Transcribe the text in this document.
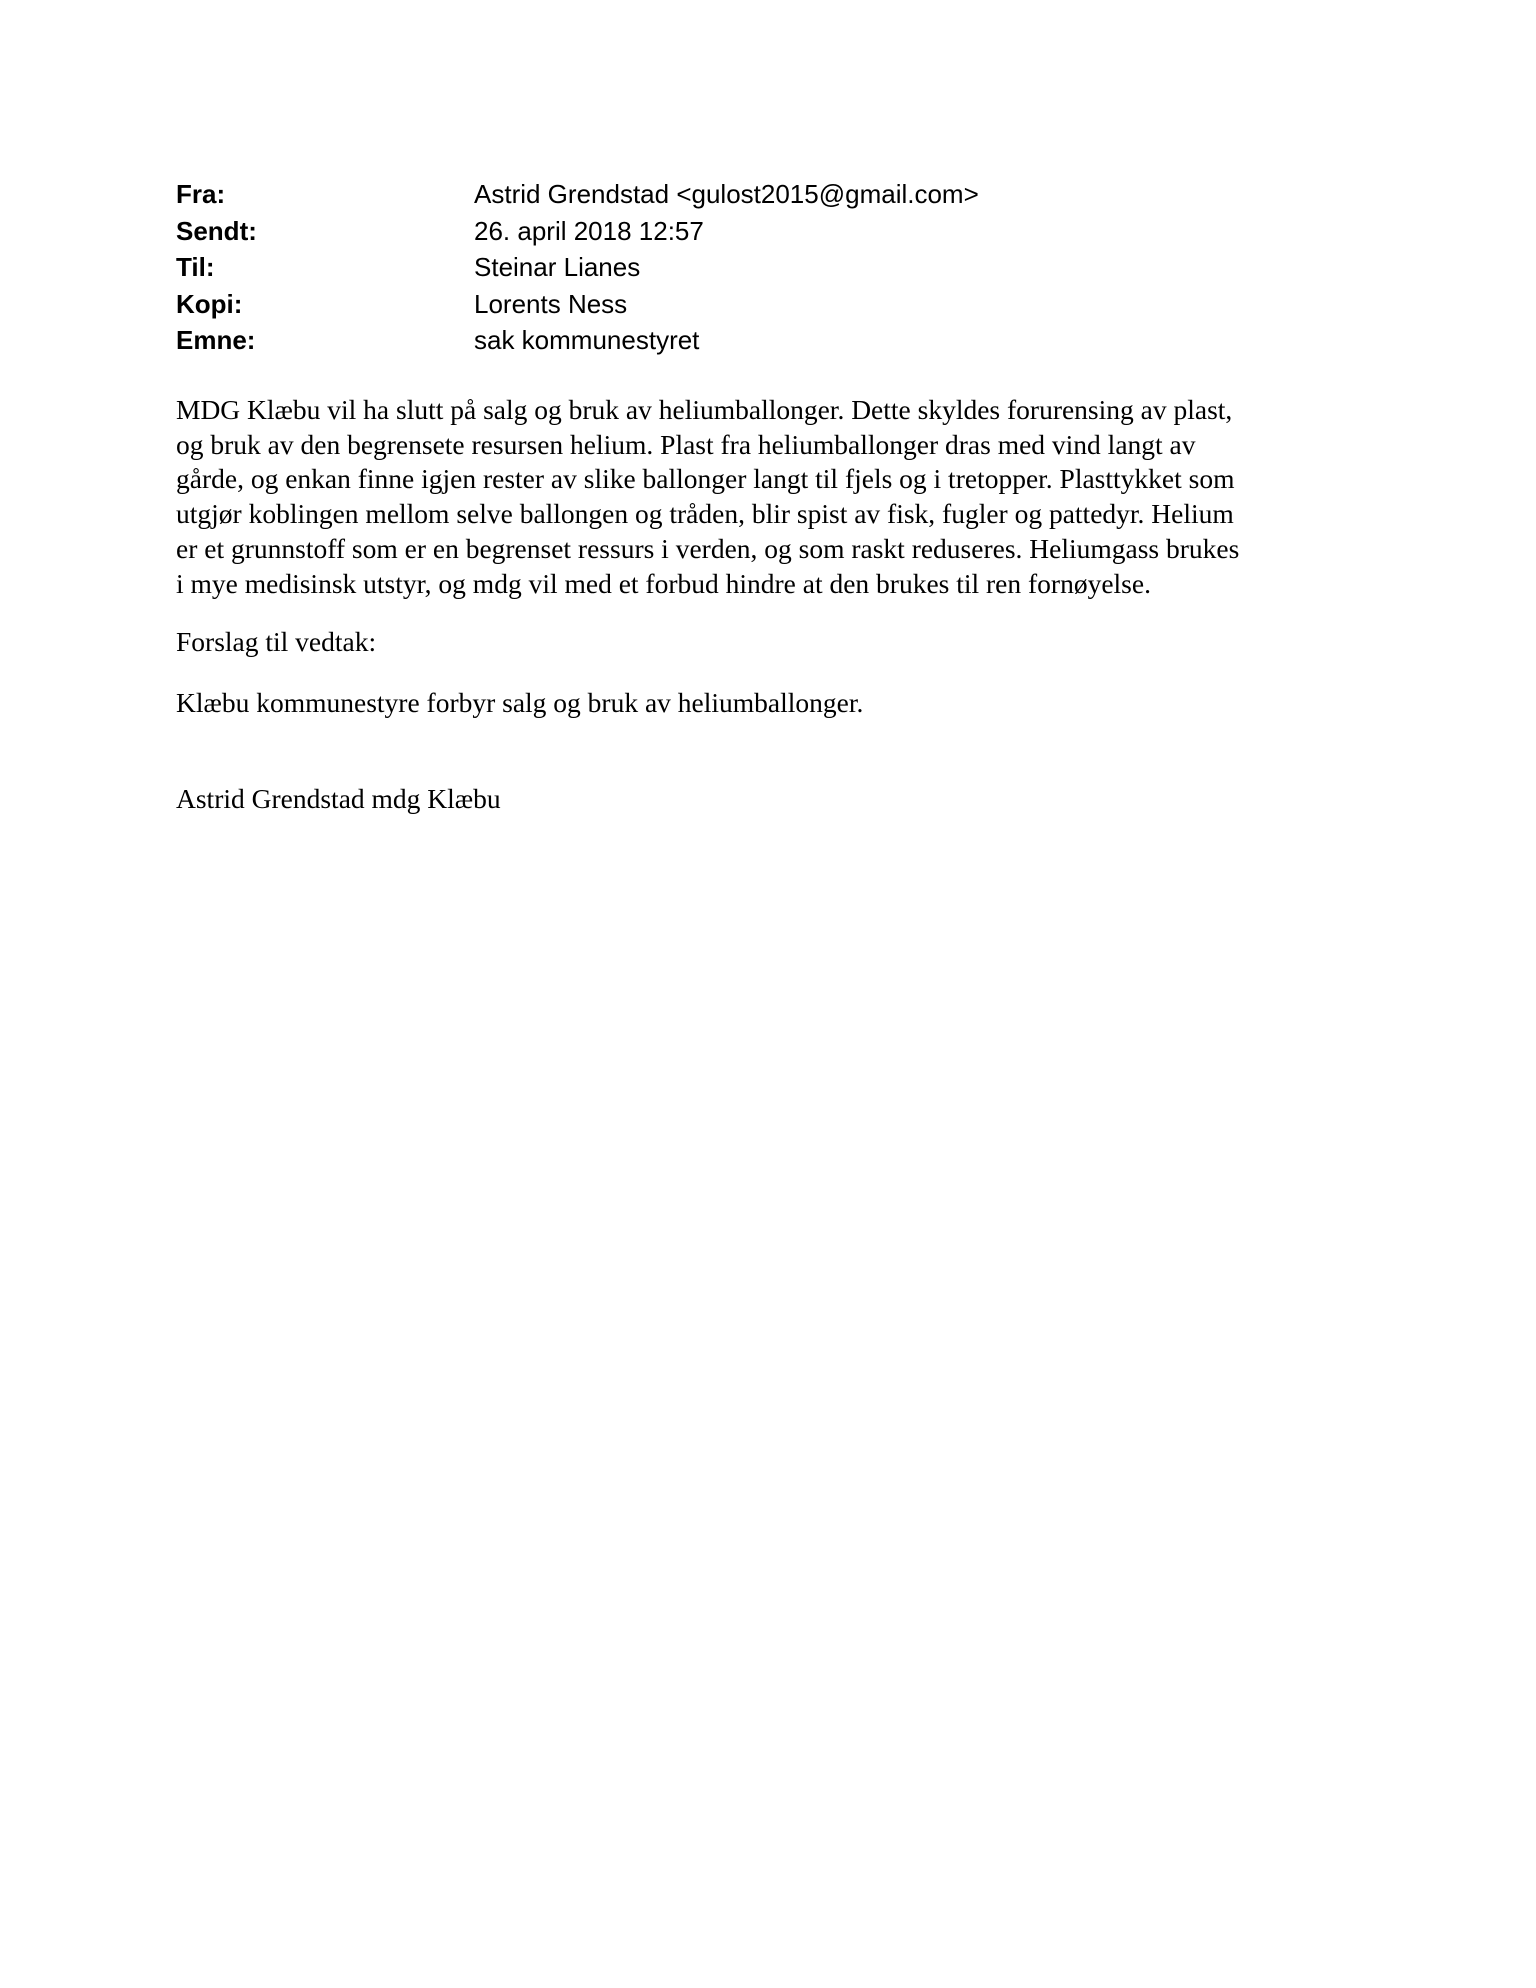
Fra:	Astrid Grendstad <gulost2015@gmail.com>
Sendt:	26. april 2018 12:57
Til:	Steinar Lianes
Kopi:	Lorents Ness
Emne:	sak kommunestyret

MDG Klæbu vil ha slutt på salg og bruk av heliumballonger. Dette skyldes forurensing av plast,
og bruk av den begrensete resursen helium. Plast fra heliumballonger dras med vind langt av
gårde, og enkan finne igjen rester av slike ballonger langt til fjels og i tretopper. Plasttykket som
utgjør koblingen mellom selve ballongen og tråden, blir spist av fisk, fugler og pattedyr. Helium
er et grunnstoff som er en begrenset ressurs i verden, og som raskt reduseres. Heliumgass brukes
i mye medisinsk utstyr, og mdg vil med et forbud hindre at den brukes til ren fornøyelse.

Forslag til vedtak:

Klæbu kommunestyre forbyr salg og bruk av heliumballonger.

Astrid Grendstad mdg Klæbu
